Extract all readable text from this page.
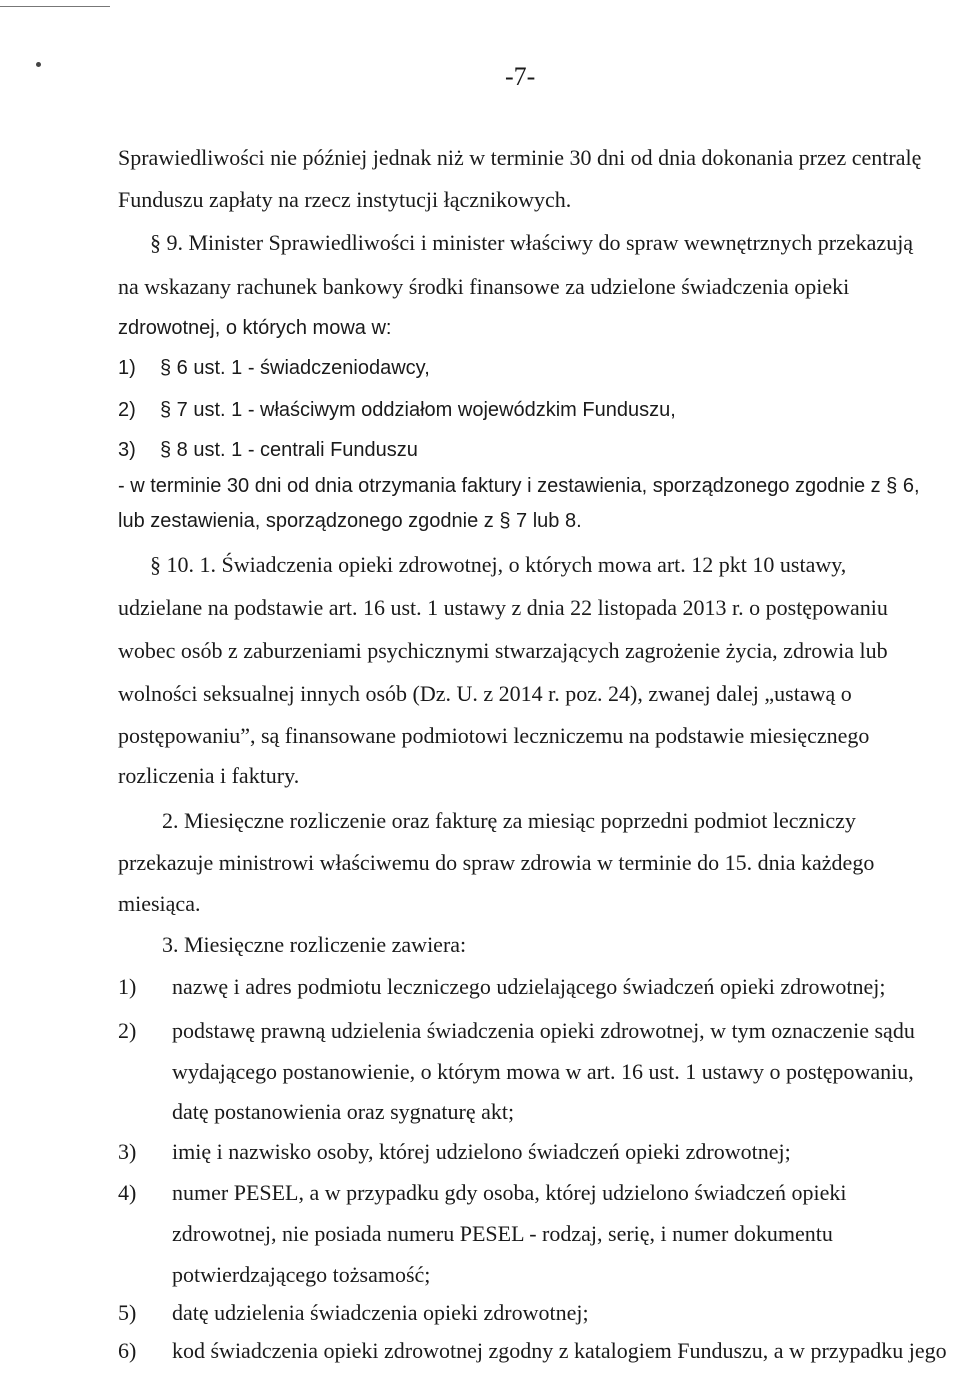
-7-
Sprawiedliwości nie później jednak niż w terminie 30 dni od dnia dokonania przez centralę
Funduszu zapłaty na rzecz instytucji łącznikowych.
§ 9. Minister Sprawiedliwości i minister właściwy do spraw wewnętrznych przekazują
na wskazany rachunek bankowy środki finansowe za udzielone świadczenia opieki
zdrowotnej, o których mowa w:
1) § 6 ust. 1 - świadczeniodawcy,
2) § 7 ust. 1 - właściwym oddziałom wojewódzkim Funduszu,
3) § 8 ust. 1 - centrali Funduszu
- w terminie 30 dni od dnia otrzymania faktury i zestawienia, sporządzonego zgodnie z § 6,
lub zestawienia, sporządzonego zgodnie z § 7 lub 8.
§ 10. 1. Świadczenia opieki zdrowotnej, o których mowa art. 12 pkt 10 ustawy,
udzielane na podstawie art. 16 ust. 1 ustawy z dnia 22 listopada 2013 r. o postępowaniu
wobec osób z zaburzeniami psychicznymi stwarzających zagrożenie życia, zdrowia lub
wolności seksualnej innych osób (Dz. U. z 2014 r. poz. 24), zwanej dalej „ustawą o
postępowaniu”, są finansowane podmiotowi leczniczemu na podstawie miesięcznego
rozliczenia i faktury.
2. Miesięczne rozliczenie oraz fakturę za miesiąc poprzedni podmiot leczniczy
przekazuje ministrowi właściwemu do spraw zdrowia w terminie do 15. dnia każdego
miesiąca.
3. Miesięczne rozliczenie zawiera:
1) nazwę i adres podmiotu leczniczego udzielającego świadczeń opieki zdrowotnej;
2) podstawę prawną udzielenia świadczenia opieki zdrowotnej, w tym oznaczenie sądu
wydającego postanowienie, o którym mowa w art. 16 ust. 1 ustawy o postępowaniu,
datę postanowienia oraz sygnaturę akt;
3) imię i nazwisko osoby, której udzielono świadczeń opieki zdrowotnej;
4) numer PESEL, a w przypadku gdy osoba, której udzielono świadczeń opieki
zdrowotnej, nie posiada numeru PESEL - rodzaj, serię, i numer dokumentu
potwierdzającego tożsamość;
5) datę udzielenia świadczenia opieki zdrowotnej;
6) kod świadczenia opieki zdrowotnej zgodny z katalogiem Funduszu, a w przypadku jego
